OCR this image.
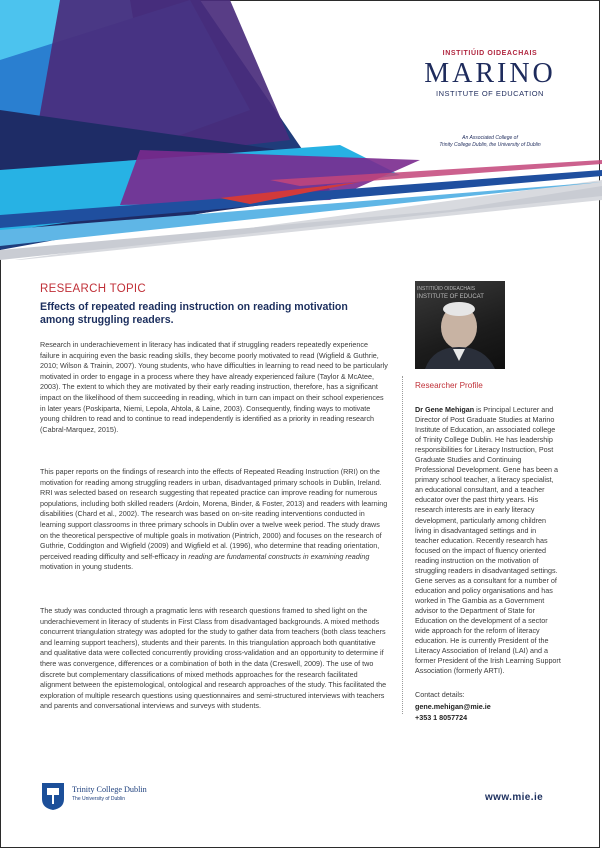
INSTITIÚID OIDEACHAIS
MARINO
INSTITUTE OF EDUCATION
An Associated College of
Trinity College Dublin, the University of Dublin
RESEARCH TOPIC
Effects of repeated reading instruction on reading motivation among struggling readers.
Research in underachievement in literacy has indicated that if struggling readers repeatedly experience failure in acquiring even the basic reading skills, they become poorly motivated to read (Wigfield & Guthrie, 2010; Wilson & Trainin, 2007). Young students, who have difficulties in learning to read need to be particularly motivated in order to engage in a process where they have already experienced failure (Taylor & McAtee, 2003). The extent to which they are motivated by their early reading instruction, therefore, has a significant impact on the likelihood of them succeeding in reading, which in turn can impact on their school experiences in later years (Poskiparta, Niemi, Lepola, Ahtola, & Laine, 2003). Consequently, finding ways to motivate young children to read and to continue to read independently is identified as a priority in reading research (Cabral-Marquez, 2015).
This paper reports on the findings of research into the effects of Repeated Reading Instruction (RRI) on the motivation for reading among struggling readers in urban, disadvantaged primary schools in Dublin, Ireland. RRI was selected based on research suggesting that repeated practice can improve reading for numerous populations, including both skilled readers (Ardoin, Morena, Binder, & Foster, 2013) and readers with learning disabilities (Chard et al., 2002). The research was based on on-site reading interventions conducted in learning support classrooms in three primary schools in Dublin over a twelve week period. The study draws on the theoretical perspective of multiple goals in motivation (Pintrich, 2000) and focuses on the research of Guthrie, Coddington and Wigfield (2009) and Wigfield et al. (1996), who determine that reading orientation, perceived reading difficulty and self-efficacy in reading are fundamental constructs in examining reading motivation in young students.
The study was conducted through a pragmatic lens with research questions framed to shed light on the underachievement in literacy of students in First Class from disadvantaged backgrounds. A mixed methods concurrent triangulation strategy was adopted for the study to gather data from teachers (both class teachers and learning support teachers), students and their parents. In this triangulation approach both quantitative and qualitative data were collected concurrently providing cross-validation and an opportunity to determine if there was convergence, differences or a combination of both in the data (Creswell, 2009). The use of two discrete but complementary classifications of mixed methods approaches for the research facilitated alignment between the epistemological, ontological and research approaches of the study. This facilitated the exploration of multiple research questions using questionnaires and semi-structured interviews with teachers and parents and conversational interviews and surveys with students.
INSTITIÚID OIDEACHAIS
INSTITUTE OF EDUCAT
Researcher Profile
Dr Gene Mehigan is Principal Lecturer and Director of Post Graduate Studies at Marino Institute of Education, an associated college of Trinity College Dublin. He has leadership responsibilities for Literacy Instruction, Post Graduate Studies and Continuing Professional Development. Gene has been a primary school teacher, a literacy specialist, an educational consultant, and a teacher educator over the past thirty years. His research interests are in early literacy development, particularly among children living in disadvantaged settings and in teacher education. Recently research has focused on the impact of fluency oriented reading instruction on the motivation of struggling readers in disadvantaged settings. Gene serves as a consultant for a number of education and policy organisations and has worked in The Gambia as a Government advisor to the Department of State for Education on the development of a sector wide approach for the reform of literacy education. He is currently President of the Literacy Association of Ireland (LAI) and a former President of the Irish Learning Support Association (formerly ARTI).
Contact details:
gene.mehigan@mie.ie
+353 1 8057724
Trinity College Dublin
The University of Dublin	www.mie.ie
